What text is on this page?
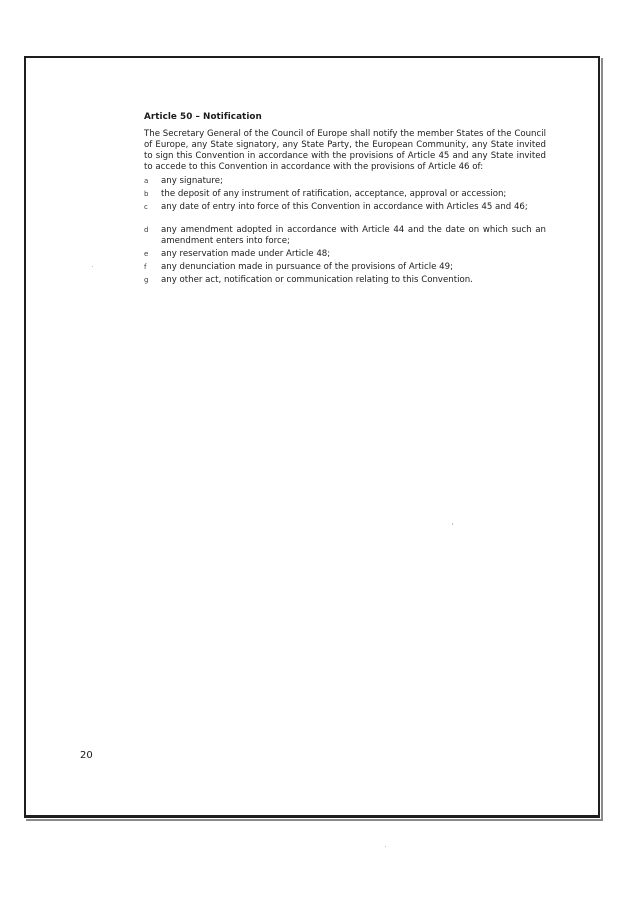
Article 50 – Notification

The Secretary General of the Council of Europe shall notify the member States of the Council of Europe, any State signatory, any State Party, the European Community, any State invited to sign this Convention in accordance with the provisions of Article 45 and any State invited to accede to this Convention in accordance with the provisions of Article 46 of:

a any signature;
b the deposit of any instrument of ratification, acceptance, approval or accession;
c any date of entry into force of this Convention in accordance with Articles 45 and 46;
d any amendment adopted in accordance with Article 44 and the date on which such an amendment enters into force;
e any reservation made under Article 48;
f any denunciation made in pursuance of the provisions of Article 49;
g any other act, notification or communication relating to this Convention.
20
